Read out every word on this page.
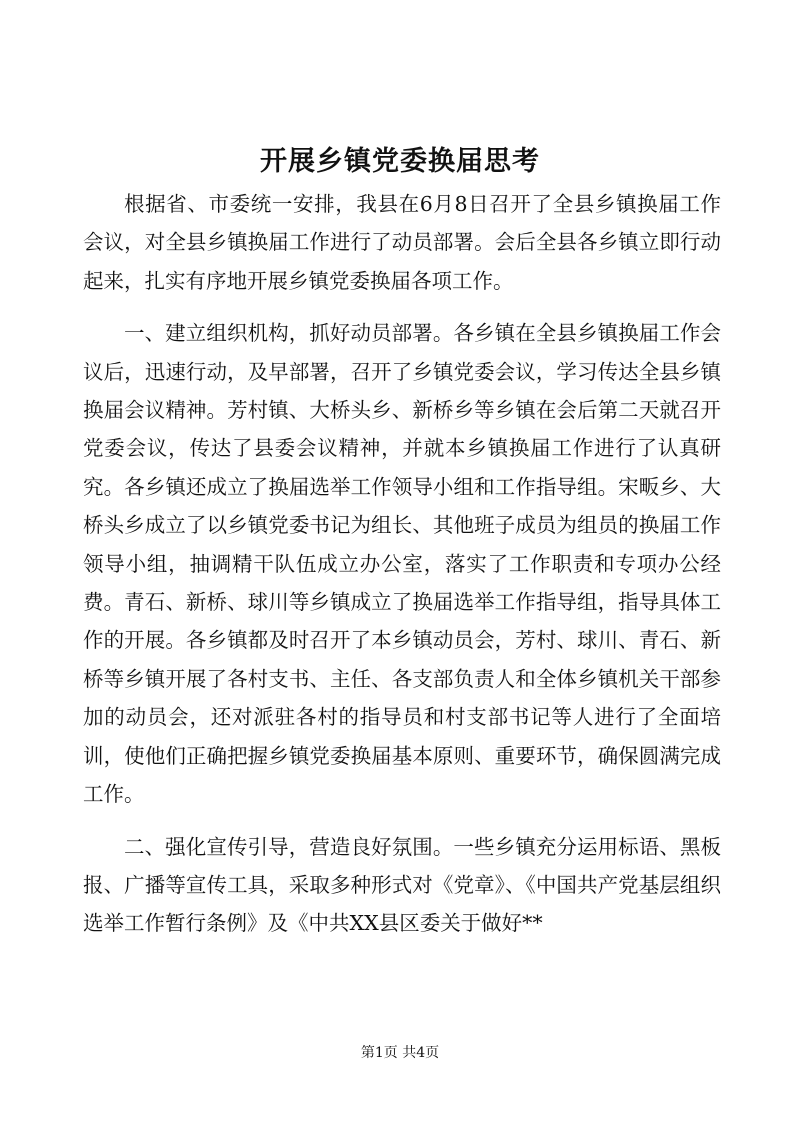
开展乡镇党委换届思考

根据省、市委统一安排，我县在6月8日召开了全县乡镇换届工作会议，对全县乡镇换届工作进行了动员部署。会后全县各乡镇立即行动起来，扎实有序地开展乡镇党委换届各项工作。

一、建立组织机构，抓好动员部署。各乡镇在全县乡镇换届工作会议后，迅速行动，及早部署，召开了乡镇党委会议，学习传达全县乡镇换届会议精神。芳村镇、大桥头乡、新桥乡等乡镇在会后第二天就召开党委会议，传达了县委会议精神，并就本乡镇换届工作进行了认真研究。各乡镇还成立了换届选举工作领导小组和工作指导组。宋畈乡、大桥头乡成立了以乡镇党委书记为组长、其他班子成员为组员的换届工作领导小组，抽调精干队伍成立办公室，落实了工作职责和专项办公经费。青石、新桥、球川等乡镇成立了换届选举工作指导组，指导具体工作的开展。各乡镇都及时召开了本乡镇动员会，芳村、球川、青石、新桥等乡镇开展了各村支书、主任、各支部负责人和全体乡镇机关干部参加的动员会，还对派驻各村的指导员和村支部书记等人进行了全面培训，使他们正确把握乡镇党委换届基本原则、重要环节，确保圆满完成工作。

二、强化宣传引导，营造良好氛围。一些乡镇充分运用标语、黑板报、广播等宣传工具，采取多种形式对《党章》、《中国共产党基层组织选举工作暂行条例》及《中共XX县区委关于做好**

第1页 共4页
